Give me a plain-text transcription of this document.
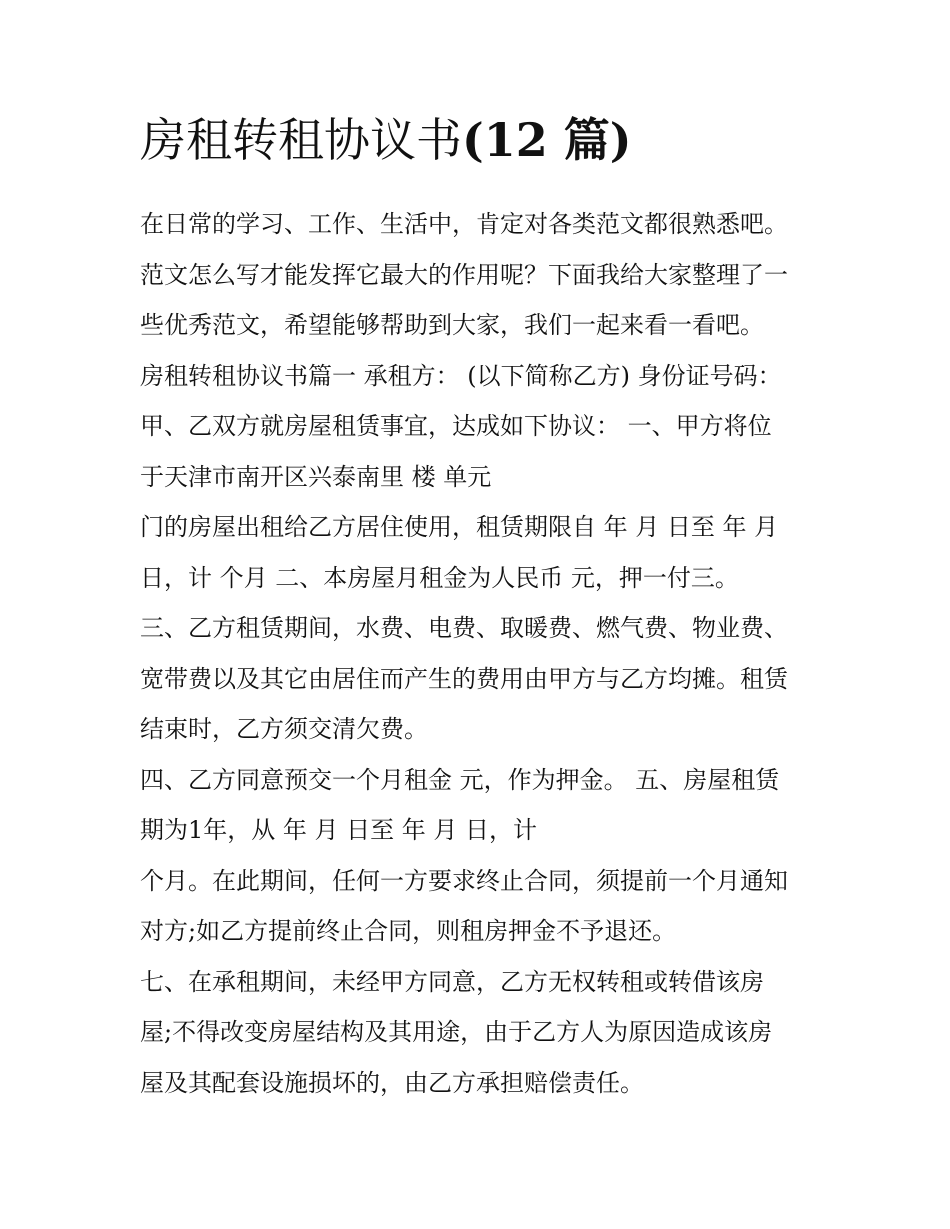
房租转租协议书(12 篇)
在日常的学习、工作、生活中，肯定对各类范文都很熟悉吧。
范文怎么写才能发挥它最大的作用呢？下面我给大家整理了一
些优秀范文，希望能够帮助到大家，我们一起来看一看吧。
房租转租协议书篇一 承租方： (以下简称乙方) 身份证号码：
甲、乙双方就房屋租赁事宜，达成如下协议： 一、甲方将位
于天津市南开区兴泰南里 楼 单元
门的房屋出租给乙方居住使用，租赁期限自 年 月 日至 年 月
日，计 个月 二、本房屋月租金为人民币 元，押一付三。
三、乙方租赁期间，水费、电费、取暖费、燃气费、物业费、
宽带费以及其它由居住而产生的费用由甲方与乙方均摊。租赁
结束时，乙方须交清欠费。
四、乙方同意预交一个月租金 元，作为押金。 五、房屋租赁
期为1年，从 年 月 日至 年 月 日，计
个月。在此期间，任何一方要求终止合同，须提前一个月通知
对方;如乙方提前终止合同，则租房押金不予退还。
七、在承租期间，未经甲方同意，乙方无权转租或转借该房
屋;不得改变房屋结构及其用途，由于乙方人为原因造成该房
屋及其配套设施损坏的，由乙方承担赔偿责任。
